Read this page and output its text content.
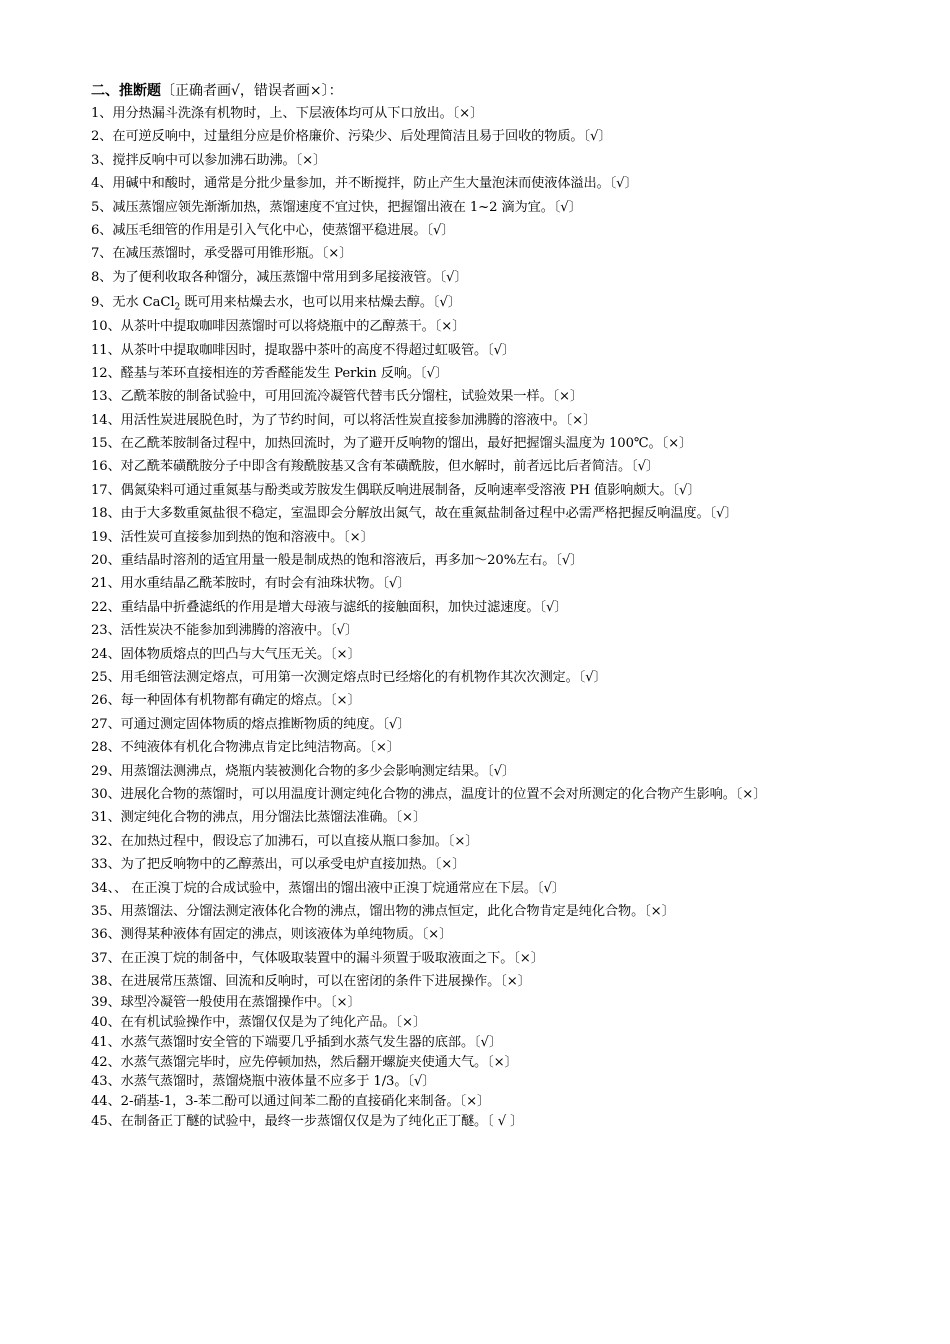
二、推断题〔正确者画√，错误者画×〕：
1、用分热漏斗洗涤有机物时，上、下层液体均可从下口放出。〔×〕
2、在可逆反响中，过量组分应是价格廉价、污染少、后处理简洁且易于回收的物质。〔√〕
3、搅拌反响中可以参加沸石助沸。〔×〕
4、用碱中和酸时，通常是分批少量参加，并不断搅拌，防止产生大量泡沫而使液体溢出。〔√〕
5、减压蒸馏应领先渐渐加热，蒸馏速度不宜过快，把握馏出液在 1~2 滴为宜。〔√〕
6、减压毛细管的作用是引入气化中心，使蒸馏平稳进展。〔√〕
7、在减压蒸馏时，承受器可用锥形瓶。〔×〕
8、为了便利收取各种馏分，减压蒸馏中常用到多尾接液管。〔√〕
9、无水 CaCl$_2$ 既可用来枯燥去水，也可以用来枯燥去醇。〔√〕
10、从茶叶中提取咖啡因蒸馏时可以将烧瓶中的乙醇蒸干。〔×〕
11、从茶叶中提取咖啡因时，提取器中茶叶的高度不得超过虹吸管。〔√〕
12、醛基与苯环直接相连的芳香醛能发生 Perkin 反响。〔√〕
13、乙酰苯胺的制备试验中，可用回流冷凝管代替韦氏分馏柱，试验效果一样。〔×〕
14、用活性炭进展脱色时，为了节约时间，可以将活性炭直接参加沸腾的溶液中。〔×〕
15、在乙酰苯胺制备过程中，加热回流时，为了避开反响物的馏出，最好把握馏头温度为 100℃。〔×〕
16、对乙酰苯磺酰胺分子中即含有羧酰胺基又含有苯磺酰胺，但水解时，前者远比后者简洁。〔√〕
17、偶氮染料可通过重氮基与酚类或芳胺发生偶联反响进展制备，反响速率受溶液 PH 值影响颇大。〔√〕
18、由于大多数重氮盐很不稳定，室温即会分解放出氮气，故在重氮盐制备过程中必需严格把握反响温度。〔√〕
19、活性炭可直接参加到热的饱和溶液中。〔×〕
20、重结晶时溶剂的适宜用量一般是制成热的饱和溶液后，再多加～20%左右。〔√〕
21、用水重结晶乙酰苯胺时，有时会有油珠状物。〔√〕
22、重结晶中折叠滤纸的作用是增大母液与滤纸的接触面积，加快过滤速度。〔√〕
23、活性炭决不能参加到沸腾的溶液中。〔√〕
24、固体物质熔点的凹凸与大气压无关。〔×〕
25、用毛细管法测定熔点，可用第一次测定熔点时已经熔化的有机物作其次次测定。〔√〕
26、每一种固体有机物都有确定的熔点。〔×〕
27、可通过测定固体物质的熔点推断物质的纯度。〔√〕
28、不纯液体有机化合物沸点肯定比纯洁物高。〔×〕
29、用蒸馏法测沸点，烧瓶内装被测化合物的多少会影响测定结果。〔√〕
30、进展化合物的蒸馏时，可以用温度计测定纯化合物的沸点，温度计的位置不会对所测定的化合物产生影响。〔×〕
31、测定纯化合物的沸点，用分馏法比蒸馏法准确。〔×〕
32、在加热过程中，假设忘了加沸石，可以直接从瓶口参加。〔×〕
33、为了把反响物中的乙醇蒸出，可以承受电炉直接加热。〔×〕
34、、 在正溴丁烷的合成试验中，蒸馏出的馏出液中正溴丁烷通常应在下层。〔√〕
35、用蒸馏法、分馏法测定液体化合物的沸点，馏出物的沸点恒定，此化合物肯定是纯化合物。〔×〕
36、测得某种液体有固定的沸点，则该液体为单纯物质。〔×〕
37、在正溴丁烷的制备中，气体吸取装置中的漏斗须置于吸取液面之下。〔×〕
38、在进展常压蒸馏、回流和反响时，可以在密闭的条件下进展操作。〔×〕
39、球型冷凝管一般使用在蒸馏操作中。〔×〕
40、在有机试验操作中，蒸馏仅仅是为了纯化产品。〔×〕
41、水蒸气蒸馏时安全管的下端要几乎插到水蒸气发生器的底部。〔√〕
42、水蒸气蒸馏完毕时，应先停顿加热，然后翻开螺旋夹使通大气。〔×〕
43、水蒸气蒸馏时，蒸馏烧瓶中液体量不应多于 1/3。〔√〕
44、2-硝基-1，3-苯二酚可以通过间苯二酚的直接硝化来制备。〔×〕
45、在制备正丁醚的试验中，最终一步蒸馏仅仅是为了纯化正丁醚。〔 √ 〕
